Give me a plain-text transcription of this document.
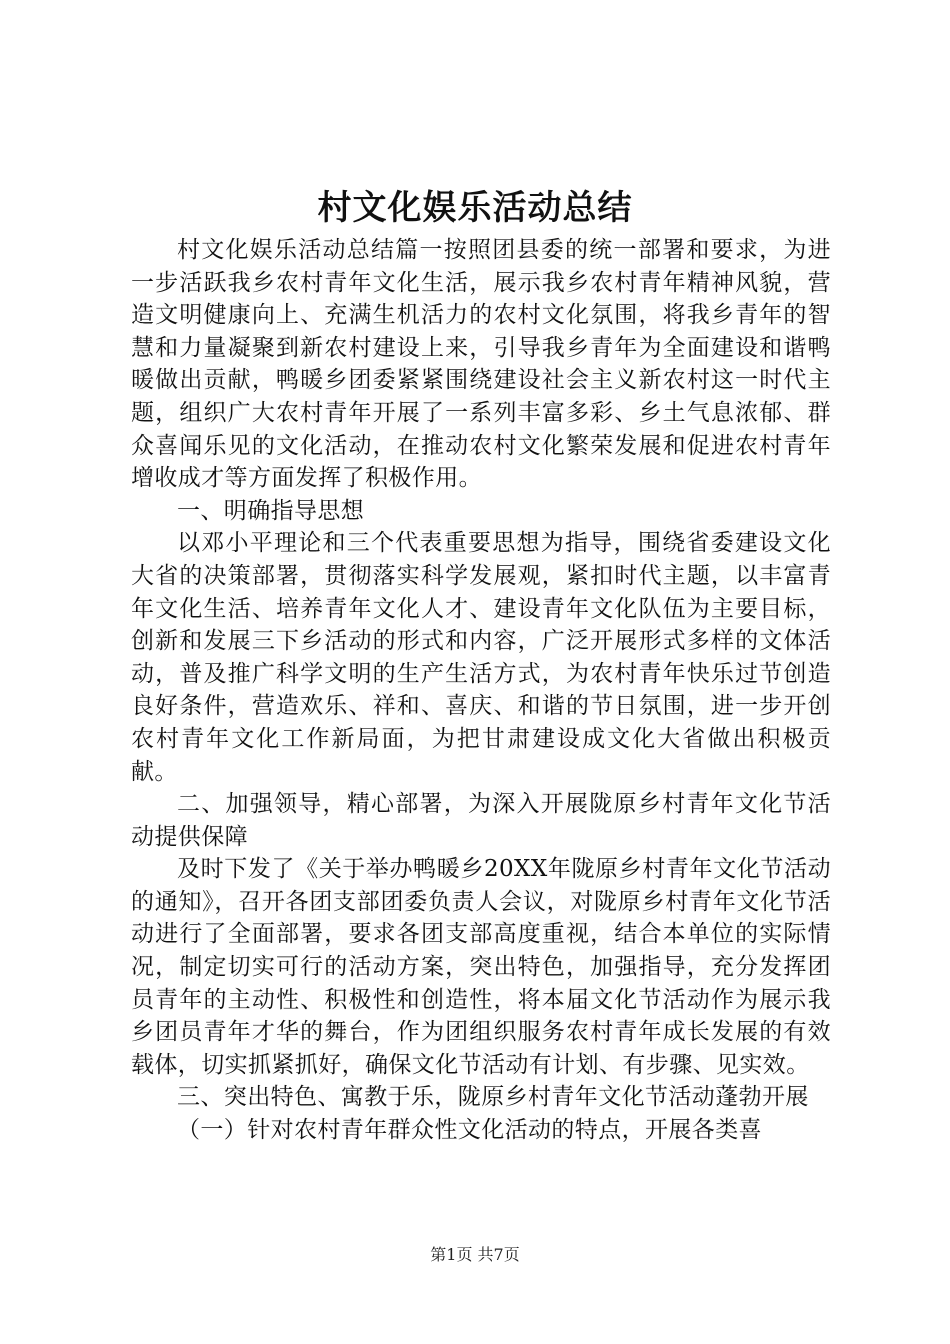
村文化娱乐活动总结

村文化娱乐活动总结篇一按照团县委的统一部署和要求，为进一步活跃我乡农村青年文化生活，展示我乡农村青年精神风貌，营造文明健康向上、充满生机活力的农村文化氛围，将我乡青年的智慧和力量凝聚到新农村建设上来，引导我乡青年为全面建设和谐鸭暖做出贡献，鸭暖乡团委紧紧围绕建设社会主义新农村这一时代主题，组织广大农村青年开展了一系列丰富多彩、乡土气息浓郁、群众喜闻乐见的文化活动，在推动农村文化繁荣发展和促进农村青年增收成才等方面发挥了积极作用。

一、明确指导思想

以邓小平理论和三个代表重要思想为指导，围绕省委建设文化大省的决策部署，贯彻落实科学发展观，紧扣时代主题，以丰富青年文化生活、培养青年文化人才、建设青年文化队伍为主要目标，创新和发展三下乡活动的形式和内容，广泛开展形式多样的文体活动，普及推广科学文明的生产生活方式，为农村青年快乐过节创造良好条件，营造欢乐、祥和、喜庆、和谐的节日氛围，进一步开创农村青年文化工作新局面，为把甘肃建设成文化大省做出积极贡献。

二、加强领导，精心部署，为深入开展陇原乡村青年文化节活动提供保障

及时下发了《关于举办鸭暖乡20XX年陇原乡村青年文化节活动的通知》，召开各团支部团委负责人会议，对陇原乡村青年文化节活动进行了全面部署，要求各团支部高度重视，结合本单位的实际情况，制定切实可行的活动方案，突出特色，加强指导，充分发挥团员青年的主动性、积极性和创造性，将本届文化节活动作为展示我乡团员青年才华的舞台，作为团组织服务农村青年成长发展的有效载体，切实抓紧抓好，确保文化节活动有计划、有步骤、见实效。

三、突出特色、寓教于乐，陇原乡村青年文化节活动蓬勃开展

（一）针对农村青年群众性文化活动的特点，开展各类喜

第1页 共7页
